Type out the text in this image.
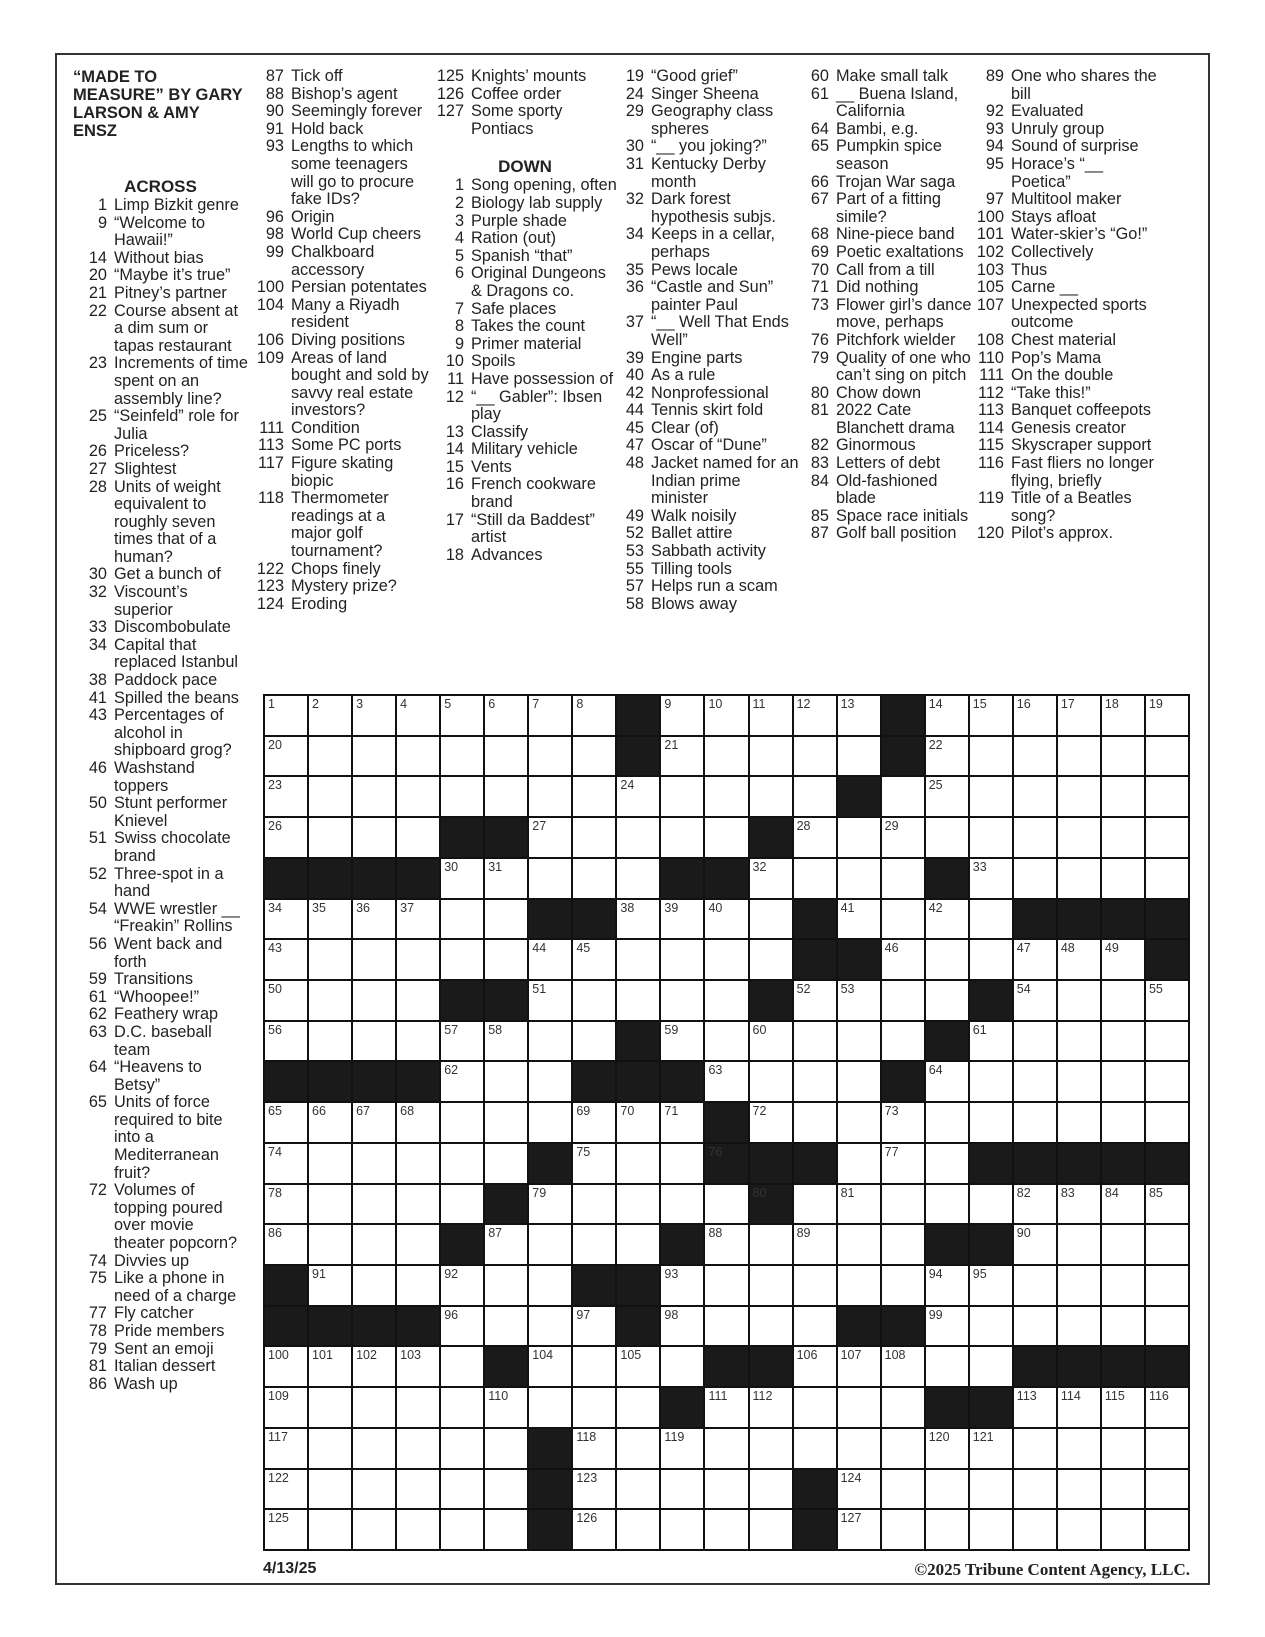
“MADE TO MEASURE” BY GARY LARSON & AMY ENSZ
ACROSS
1 Limp Bizkit genre
9 “Welcome to Hawaii!”
14 Without bias
20 “Maybe it’s true”
21 Pitney’s partner
22 Course absent at a dim sum or tapas restaurant
23 Increments of time spent on an assembly line?
25 “Seinfeld” role for Julia
26 Priceless?
27 Slightest
28 Units of weight equivalent to roughly seven times that of a human?
30 Get a bunch of
32 Viscount’s superior
33 Discombobulate
34 Capital that replaced Istanbul
38 Paddock pace
41 Spilled the beans
43 Percentages of alcohol in shipboard grog?
46 Washstand toppers
50 Stunt performer Knievel
51 Swiss chocolate brand
52 Three-spot in a hand
54 WWE wrestler __ “Freakin” Rollins
56 Went back and forth
59 Transitions
61 “Whoopee!”
62 Feathery wrap
63 D.C. baseball team
64 “Heavens to Betsy”
65 Units of force required to bite into a Mediterranean fruit?
72 Volumes of topping poured over movie theater popcorn?
74 Divvies up
75 Like a phone in need of a charge
77 Fly catcher
78 Pride members
79 Sent an emoji
81 Italian dessert
86 Wash up
87 Tick off
88 Bishop’s agent
90 Seemingly forever
91 Hold back
93 Lengths to which some teenagers will go to procure fake IDs?
96 Origin
98 World Cup cheers
99 Chalkboard accessory
100 Persian potentates
104 Many a Riyadh resident
106 Diving positions
109 Areas of land bought and sold by savvy real estate investors?
111 Condition
113 Some PC ports
117 Figure skating biopic
118 Thermometer readings at a major golf tournament?
122 Chops finely
123 Mystery prize?
124 Eroding
125 Knights’ mounts
126 Coffee order
127 Some sporty Pontiacs
DOWN
1 Song opening, often
2 Biology lab supply
3 Purple shade
4 Ration (out)
5 Spanish “that”
6 Original Dungeons & Dragons co.
7 Safe places
8 Takes the count
9 Primer material
10 Spoils
11 Have possession of
12 “__ Gabler”: Ibsen play
13 Classify
14 Military vehicle
15 Vents
16 French cookware brand
17 “Still da Baddest” artist
18 Advances
19 “Good grief”
24 Singer Sheena
29 Geography class spheres
30 “__ you joking?”
31 Kentucky Derby month
32 Dark forest hypothesis subjs.
34 Keeps in a cellar, perhaps
35 Pews locale
36 “Castle and Sun” painter Paul
37 “__ Well That Ends Well”
39 Engine parts
40 As a rule
42 Nonprofessional
44 Tennis skirt fold
45 Clear (of)
47 Oscar of “Dune”
48 Jacket named for an Indian prime minister
49 Walk noisily
52 Ballet attire
53 Sabbath activity
55 Tilling tools
57 Helps run a scam
58 Blows away
60 Make small talk
61 __ Buena Island, California
64 Bambi, e.g.
65 Pumpkin spice season
66 Trojan War saga
67 Part of a fitting simile?
68 Nine-piece band
69 Poetic exaltations
70 Call from a till
71 Did nothing
73 Flower girl’s dance move, perhaps
76 Pitchfork wielder
79 Quality of one who can’t sing on pitch
80 Chow down
81 2022 Cate Blanchett drama
82 Ginormous
83 Letters of debt
84 Old-fashioned blade
85 Space race initials
87 Golf ball position
89 One who shares the bill
92 Evaluated
93 Unruly group
94 Sound of surprise
95 Horace’s “__ Poetica”
97 Multitool maker
100 Stays afloat
101 Water-skier’s “Go!”
102 Collectively
103 Thus
105 Carne __
107 Unexpected sports outcome
108 Chest material
110 Pop’s Mama
111 On the double
112 “Take this!”
113 Banquet coffeepots
114 Genesis creator
115 Skyscraper support
116 Fast fliers no longer flying, briefly
119 Title of a Beatles song?
120 Pilot’s approx.
1	2	3	4	5	6	7	8	9	10 11 12 13	14 15 16 17 18 19
20	21	22
23	24	25
26	27	28	29
30 31	32	33
34 35 36 37	38 39 40	41	42
43	44 45	46	47 48 49
50	51	52 53	54	55
56	57 58	59	60	61
62	63	64
65 66 67 68	69 70 71	72	73
74	75	76	77
78	79	80	81	82 83 84 85
86	87	88	89	90
91	92	93	94 95
96	97	98	99
100 101 102 103	104	105	106 107 108
109	110	111 112	113 114 115 116
117	118	119	120 121
122	123	124
125	126	127
4/13/25	©2025 Tribune Content Agency, LLC.
